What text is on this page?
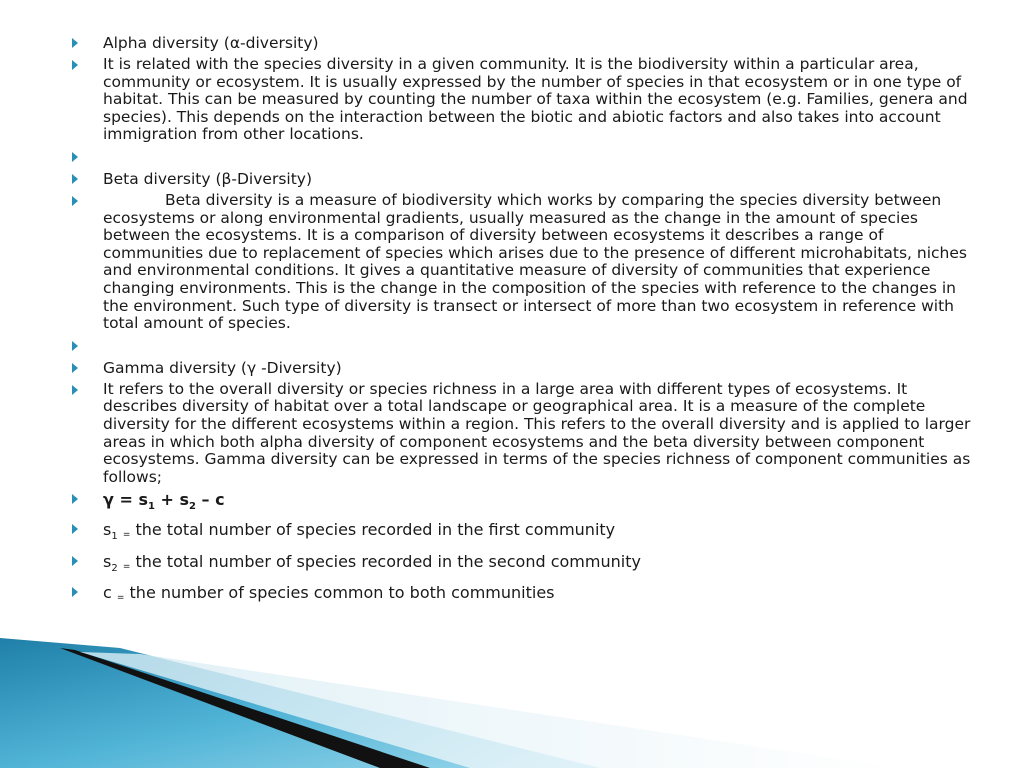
Alpha diversity (α-diversity)
It is related with the species diversity in a given community. It is the biodiversity within a particular area, community or ecosystem. It is usually expressed by the number of species in that ecosystem or in one type of habitat. This can be measured by counting the number of taxa within the ecosystem (e.g. Families, genera and species). This depends on the interaction between the biotic and abiotic factors and also takes into account immigration from other locations.
Beta diversity (β-Diversity)
Beta diversity is a measure of biodiversity which works by comparing the species diversity between ecosystems or along environmental gradients, usually measured as the change in the amount of species between the ecosystems. It is a comparison of diversity between ecosystems it describes a range of communities due to replacement of species which arises due to the presence of different microhabitats, niches and environmental conditions. It gives a quantitative measure of diversity of communities that experience changing environments. This is the change in the composition of the species with reference to the changes in the environment. Such type of diversity is transect or intersect of more than two ecosystem in reference with total amount of species.
Gamma diversity (γ -Diversity)
It refers to the overall diversity or species richness in a large area with different types of ecosystems. It describes diversity of habitat over a total landscape or geographical area. It is a measure of the complete diversity for the different ecosystems within a region. This refers to the overall diversity and is applied to larger areas in which both alpha diversity of component ecosystems and the beta diversity between component ecosystems. Gamma diversity can be expressed in terms of the species richness of component communities as follows;
$\gamma = s_1 + s_2 - c$
$s_1$ = the total number of species recorded in the first community
$s_2$ = the total number of species recorded in the second community
c = the number of species common to both communities
